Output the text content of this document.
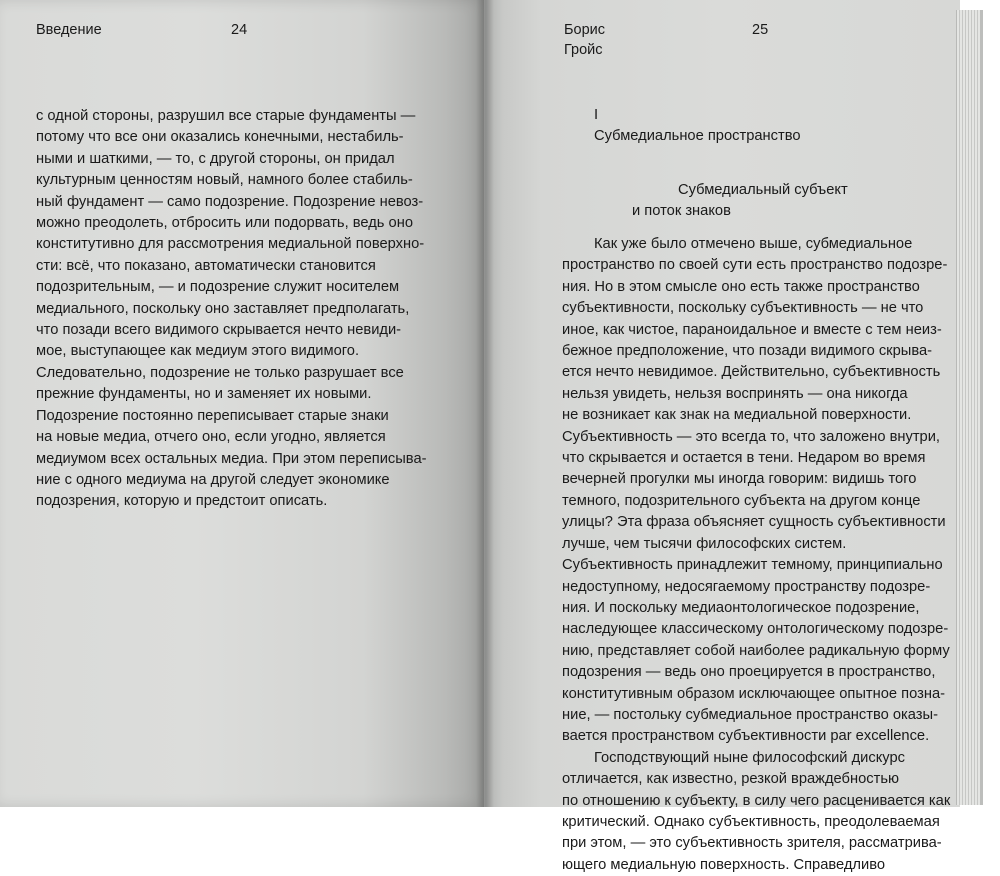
Введение	24
с одной стороны, разрушил все старые фундаменты —
потому что все они оказались конечными, нестабиль-
ными и шаткими, — то, с другой стороны, он придал
культурным ценностям новый, намного более стабиль-
ный фундамент — само подозрение. Подозрение невоз-
можно преодолеть, отбросить или подорвать, ведь оно
конститутивно для рассмотрения медиальной поверхно-
сти: всё, что показано, автоматически становится
подозрительным, — и подозрение служит носителем
медиального, поскольку оно заставляет предполагать,
что позади всего видимого скрывается нечто невиди-
мое, выступающее как медиум этого видимого.
Следовательно, подозрение не только разрушает все
прежние фундаменты, но и заменяет их новыми.
Подозрение постоянно переписывает старые знаки
на новые медиа, отчего оно, если угодно, является
медиумом всех остальных медиа. При этом переписыва-
ние с одного медиума на другой следует экономике
подозрения, которую и предстоит описать.
Борис
Гройс
25
I
Субмедиальное пространство
Субмедиальный субъект
и поток знаков
Как уже было отмечено выше, субмедиальное
пространство по своей сути есть пространство подозре-
ния. Но в этом смысле оно есть также пространство
субъективности, поскольку субъективность — не что
иное, как чистое, параноидальное и вместе с тем неиз-
бежное предположение, что позади видимого скрыва-
ется нечто невидимое. Действительно, субъективность
нельзя увидеть, нельзя воспринять — она никогда
не возникает как знак на медиальной поверхности.
Субъективность — это всегда то, что заложено внутри,
что скрывается и остается в тени. Недаром во время
вечерней прогулки мы иногда говорим: видишь того
темного, подозрительного субъекта на другом конце
улицы? Эта фраза объясняет сущность субъективности
лучше, чем тысячи философских систем.
Субъективность принадлежит темному, принципиально
недоступному, недосягаемому пространству подозре-
ния. И поскольку медиаонтологическое подозрение,
наследующее классическому онтологическому подозре-
нию, представляет собой наиболее радикальную форму
подозрения — ведь оно проецируется в пространство,
конститутивным образом исключающее опытное позна-
ние, — постольку субмедиальное пространство оказы-
вается пространством субъективности par excellence.
Господствующий ныне философский дискурс
отличается, как известно, резкой враждебностью
по отношению к субъекту, в силу чего расценивается как
критический. Однако субъективность, преодолеваемая
при этом, — это субъективность зрителя, рассматрива-
ющего медиальную поверхность. Справедливо
